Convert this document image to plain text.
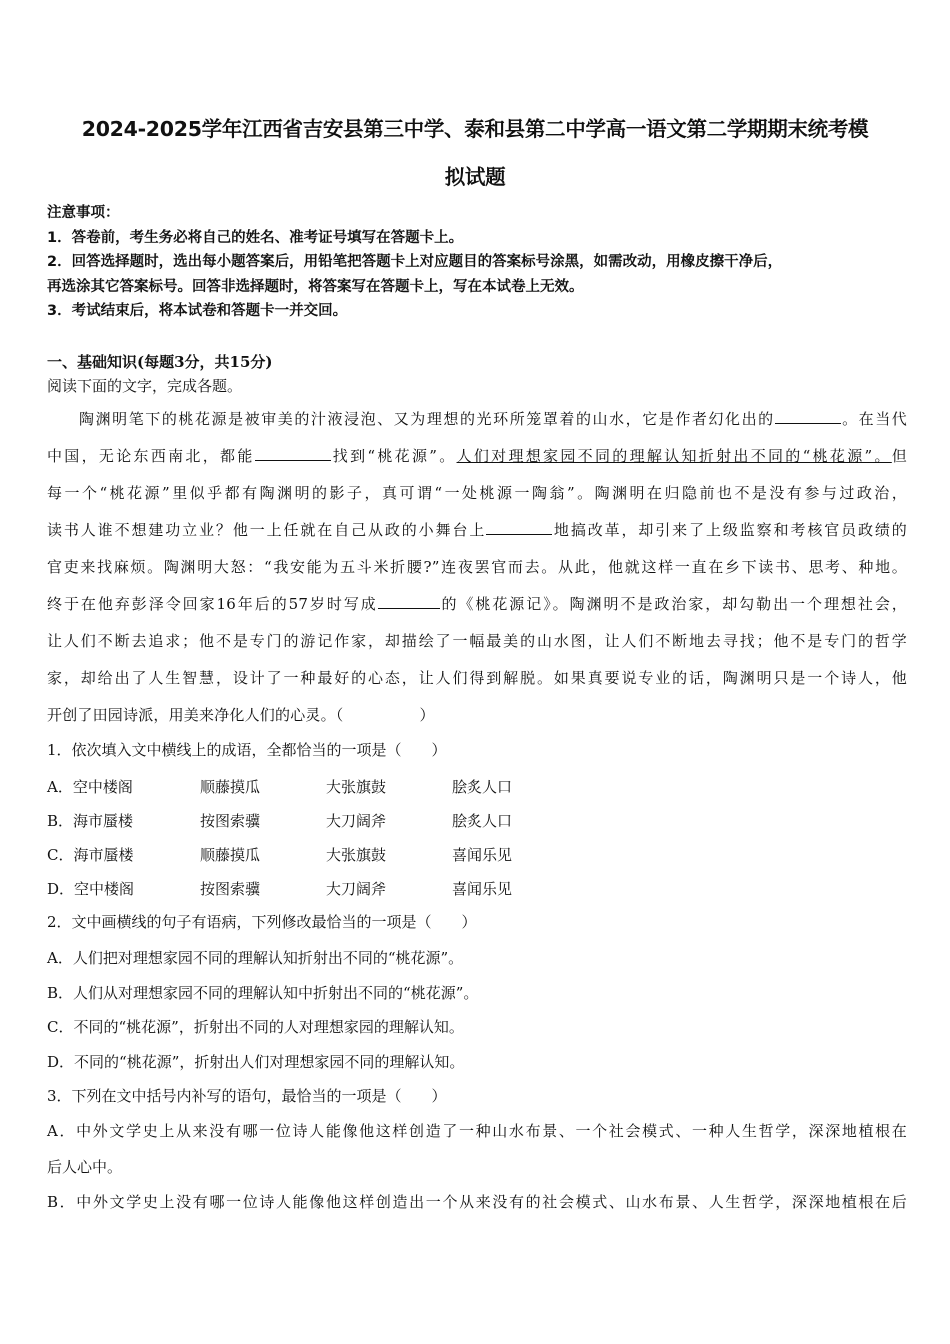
2024-2025学年江西省吉安县第三中学、泰和县第二中学高一语文第二学期期末统考模
拟试题
注意事项：
1．答卷前，考生务必将自己的姓名、准考证号填写在答题卡上。
2．回答选择题时，选出每小题答案后，用铅笔把答题卡上对应题目的答案标号涂黑，如需改动，用橡皮擦干净后，
再选涂其它答案标号。回答非选择题时，将答案写在答题卡上，写在本试卷上无效。
3．考试结束后，将本试卷和答题卡一并交回。
一、基础知识(每题3分，共15分)
阅读下面的文字，完成各题。
陶渊明笔下的桃花源是被审美的汁液浸泡、又为理想的光环所笼罩着的山水，它是作者幻化出的	。在当代
中国，无论东西南北，都能	找到“桃花源”。人们对理想家园不同的理解认知折射出不同的“桃花源”。但
每一个“桃花源”里似乎都有陶渊明的影子，真可谓“一处桃源一陶翁”。陶渊明在归隐前也不是没有参与过政治，
读书人谁不想建功立业？他一上任就在自己从政的小舞台上	地搞改革，却引来了上级监察和考核官员政绩的
官吏来找麻烦。陶渊明大怒：“我安能为五斗米折腰?”连夜罢官而去。从此，他就这样一直在乡下读书、思考、种地。
终于在他弃彭泽令回家16年后的57岁时写成	的《桃花源记》。陶渊明不是政治家，却勾勒出一个理想社会，
让人们不断去追求；他不是专门的游记作家，却描绘了一幅最美的山水图，让人们不断地去寻找；他不是专门的哲学
家，却给出了人生智慧，设计了一种最好的心态，让人们得到解脱。如果真要说专业的话，陶渊明只是一个诗人，他
开创了田园诗派，用美来净化人们的心灵。（　　　　　）
1．依次填入文中横线上的成语，全都恰当的一项是（　　）
A．空中楼阁	顺藤摸瓜	大张旗鼓	脍炙人口
B．海市蜃楼	按图索骥	大刀阔斧	脍炙人口
C．海市蜃楼	顺藤摸瓜	大张旗鼓	喜闻乐见
D．空中楼阁	按图索骥	大刀阔斧	喜闻乐见
2．文中画横线的句子有语病，下列修改最恰当的一项是（　　）
A．人们把对理想家园不同的理解认知折射出不同的“桃花源”。
B．人们从对理想家园不同的理解认知中折射出不同的“桃花源”。
C．不同的“桃花源”，折射出不同的人对理想家园的理解认知。
D．不同的“桃花源”，折射出人们对理想家园不同的理解认知。
3．下列在文中括号内补写的语句，最恰当的一项是（　　）
A．中外文学史上从来没有哪一位诗人能像他这样创造了一种山水布景、一个社会模式、一种人生哲学，深深地植根在
后人心中。
B．中外文学史上没有哪一位诗人能像他这样创造出一个从来没有的社会模式、山水布景、人生哲学，深深地植根在后
